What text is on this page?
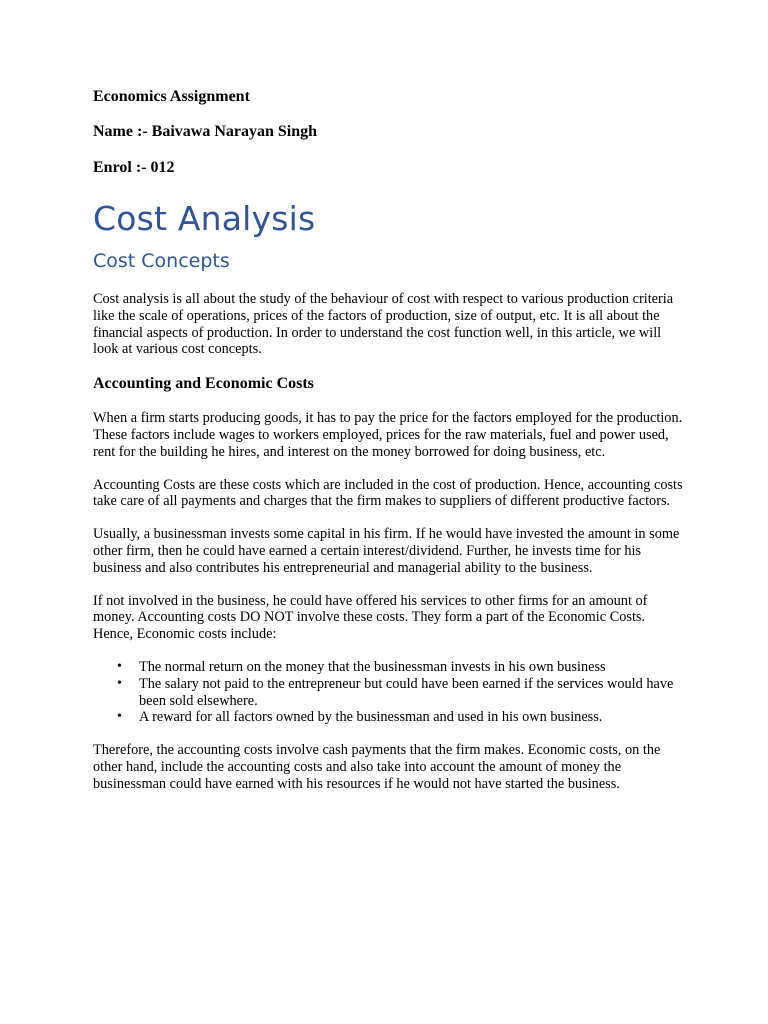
Economics Assignment

Name :- Baivawa Narayan Singh

Enrol :- 012

Cost Analysis
Cost Concepts

Cost analysis is all about the study of the behaviour of cost with respect to various production criteria like the scale of operations, prices of the factors of production, size of output, etc. It is all about the financial aspects of production. In order to understand the cost function well, in this article, we will look at various cost concepts.

Accounting and Economic Costs

When a firm starts producing goods, it has to pay the price for the factors employed for the production. These factors include wages to workers employed, prices for the raw materials, fuel and power used, rent for the building he hires, and interest on the money borrowed for doing business, etc.

Accounting Costs are these costs which are included in the cost of production. Hence, accounting costs take care of all payments and charges that the firm makes to suppliers of different productive factors.

Usually, a businessman invests some capital in his firm. If he would have invested the amount in some other firm, then he could have earned a certain interest/dividend. Further, he invests time for his business and also contributes his entrepreneurial and managerial ability to the business.

If not involved in the business, he could have offered his services to other firms for an amount of money. Accounting costs DO NOT involve these costs. They form a part of the Economic Costs. Hence, Economic costs include:

• The normal return on the money that the businessman invests in his own business
• The salary not paid to the entrepreneur but could have been earned if the services would have been sold elsewhere.
• A reward for all factors owned by the businessman and used in his own business.

Therefore, the accounting costs involve cash payments that the firm makes. Economic costs, on the other hand, include the accounting costs and also take into account the amount of money the businessman could have earned with his resources if he would not have started the business.
